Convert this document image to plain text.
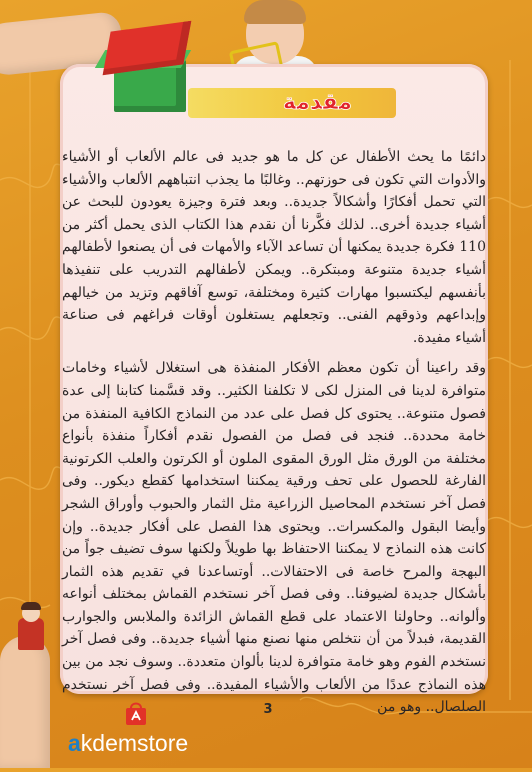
مقدمة

دائمًا ما يحث الأطفال عن كل ما هو جديد فى عالم الألعاب أو الأشياء والأدوات التي تكون فى حوزتهم.. وغالبًا ما يجذب انتباههم الألعاب والأشياء التي تحمل أفكارًا وأشكالاً جديدة.. وبعد فترة وجيزة يعودون للبحث عن أشياء جديدة أخرى.. لذلك فكَّرنا أن نقدم هذا الكتاب الذى يحمل أكثر من 110 فكرة جديدة يمكنها أن تساعد الآباء والأمهات فى أن يصنعوا لأطفالهم أشياء جديدة متنوعة ومبتكرة.. ويمكن لأطفالهم التدريب على تنفيذها بأنفسهم ليكتسبوا مهارات كثيرة ومختلفة، توسع آفاقهم وتزيد من خيالهم وإبداعهم وذوقهم الفنى.. وتجعلهم يستغلون أوقات فراغهم فى صناعة أشياء مفيدة.

وقد راعينا أن تكون معظم الأفكار المنفذة هى استغلال لأشياء وخامات متوافرة لدينا فى المنزل لكى لا تكلفنا الكثير.. وقد قسَّمنا كتابنا إلى عدة فصول متنوعة.. يحتوى كل فصل على عدد من النماذج الكافية المنفذة من خامة محددة.. فنجد فى فصل من الفصول نقدم أفكاراً منفذة بأنواع مختلفة من الورق مثل الورق المقوى الملون أو الكرتون والعلب الكرتونية الفارغة للحصول على تحف ورقية يمكننا استخدامها كقطع ديكور.. وفى فصل آخر نستخدم المحاصيل الزراعية مثل الثمار والحبوب وأوراق الشجر وأيضا البقول والمكسرات.. ويحتوى هذا الفصل على أفكار جديدة.. وإن كانت هذه النماذج لا يمكننا الاحتفاظ بها طويلاً ولكنها سوف تضيف جواً من البهجة والمرح خاصة فى الاحتفالات.. أوتساعدنا في تقديم هذه الثمار بأشكال جديدة لضيوفنا.. وفى فصل آخر نستخدم القماش بمختلف أنواعه وألوانه.. وحاولنا الاعتماد على قطع القماش الزائدة والملابس والجوارب القديمة، فبدلاً من أن نتخلص منها نصنع منها أشياء جديدة.. وفى فصل آخر نستخدم الفوم وهو خامة متوافرة لدينا بألوان متعددة.. وسوف نجد من بين هذه النماذج عددًا من الألعاب والأشياء المفيدة.. وفى فصل آخر نستخدم الصلصال.. وهو من

3
akdemstore
